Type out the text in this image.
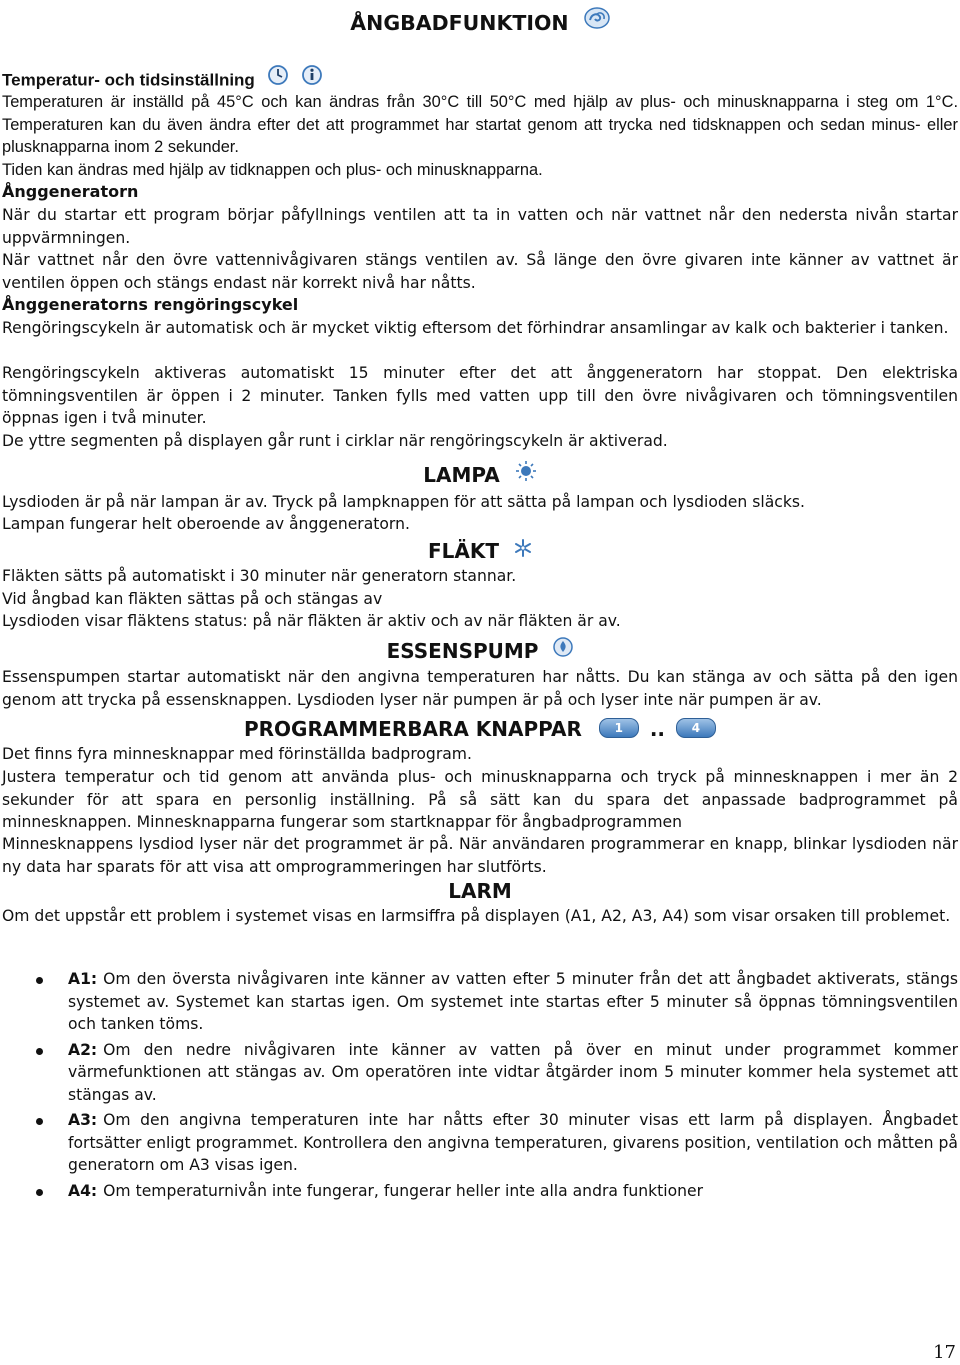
ÅNGBADFUNKTION
Temperatur- och tidsinställning

Temperaturen är inställd på 45°C och kan ändras från 30°C till 50°C med hjälp av plus- och minusknapparna i steg om 1°C. Temperaturen kan du även ändra efter det att programmet har startat genom att trycka ned tidsknappen och sedan minus- eller plusknapparna inom 2 sekunder.

Tiden kan ändras med hjälp av tidknappen och plus- och minusknapparna.

Ånggeneratorn

När du startar ett program börjar påfyllnings ventilen att ta in vatten och när vattnet når den nedersta nivån startar uppvärmningen.

När vattnet når den övre vattennivågivaren stängs ventilen av. Så länge den övre givaren inte känner av vattnet är ventilen öppen och stängs endast när korrekt nivå har nåtts.

Ånggeneratorns rengöringscykel

Rengöringscykeln är automatisk och är mycket viktig eftersom det förhindrar ansamlingar av kalk och bakterier i tanken.

Rengöringscykeln aktiveras automatiskt 15 minuter efter det att ånggeneratorn har stoppat. Den elektriska tömningsventilen är öppen i 2 minuter. Tanken fylls med vatten upp till den övre nivågivaren och tömningsventilen öppnas igen i två minuter.

De yttre segmenten på displayen går runt i cirklar när rengöringscykeln är aktiverad.

LAMPA

Lysdioden är på när lampan är av. Tryck på lampknappen för att sätta på lampan och lysdioden släcks.

Lampan fungerar helt oberoende av ånggeneratorn.

FLÄKT

Fläkten sätts på automatiskt i 30 minuter när generatorn stannar.

Vid ångbad kan fläkten sättas på och stängas av

Lysdioden visar fläktens status: på när fläkten är aktiv och av när fläkten är av.

ESSENSPUMP

Essenspumpen startar automatiskt när den angivna temperaturen har nåtts. Du kan stänga av och sätta på den igen genom att trycka på essensknappen. Lysdioden lyser när pumpen är på och lyser inte när pumpen är av.

PROGRAMMERBARA KNAPPAR	1 .. 4

Det finns fyra minnesknappar med förinställda badprogram.

Justera temperatur och tid genom att använda plus- och minusknapparna och tryck på minnesknappen i mer än 2 sekunder för att spara en personlig inställning. På så sätt kan du spara det anpassade badprogrammet på minnesknappen. Minnesknapparna fungerar som startknappar för ångbadprogrammen

Minnesknappens lysdiod lyser när det programmet är på. När användaren programmerar en knapp, blinkar lysdioden när ny data har sparats för att visa att omprogrammeringen har slutförts.

LARM

Om det uppstår ett problem i systemet visas en larmsiffra på displayen (A1, A2, A3, A4) som visar orsaken till problemet.

A1: Om den översta nivågivaren inte känner av vatten efter 5 minuter från det att ångbadet aktiverats, stängs systemet av. Systemet kan startas igen. Om systemet inte startas efter 5 minuter så öppnas tömningsventilen och tanken töms.
A2: Om den nedre nivågivaren inte känner av vatten på över en minut under programmet kommer värmefunktionen att stängas av. Om operatören inte vidtar åtgärder inom 5 minuter kommer hela systemet att stängas av.
A3: Om den angivna temperaturen inte har nåtts efter 30 minuter visas ett larm på displayen. Ångbadet fortsätter enligt programmet. Kontrollera den angivna temperaturen, givarens position, ventilation och måtten på generatorn om A3 visas igen.
A4: Om temperaturnivån inte fungerar, fungerar heller inte alla andra funktioner
17
